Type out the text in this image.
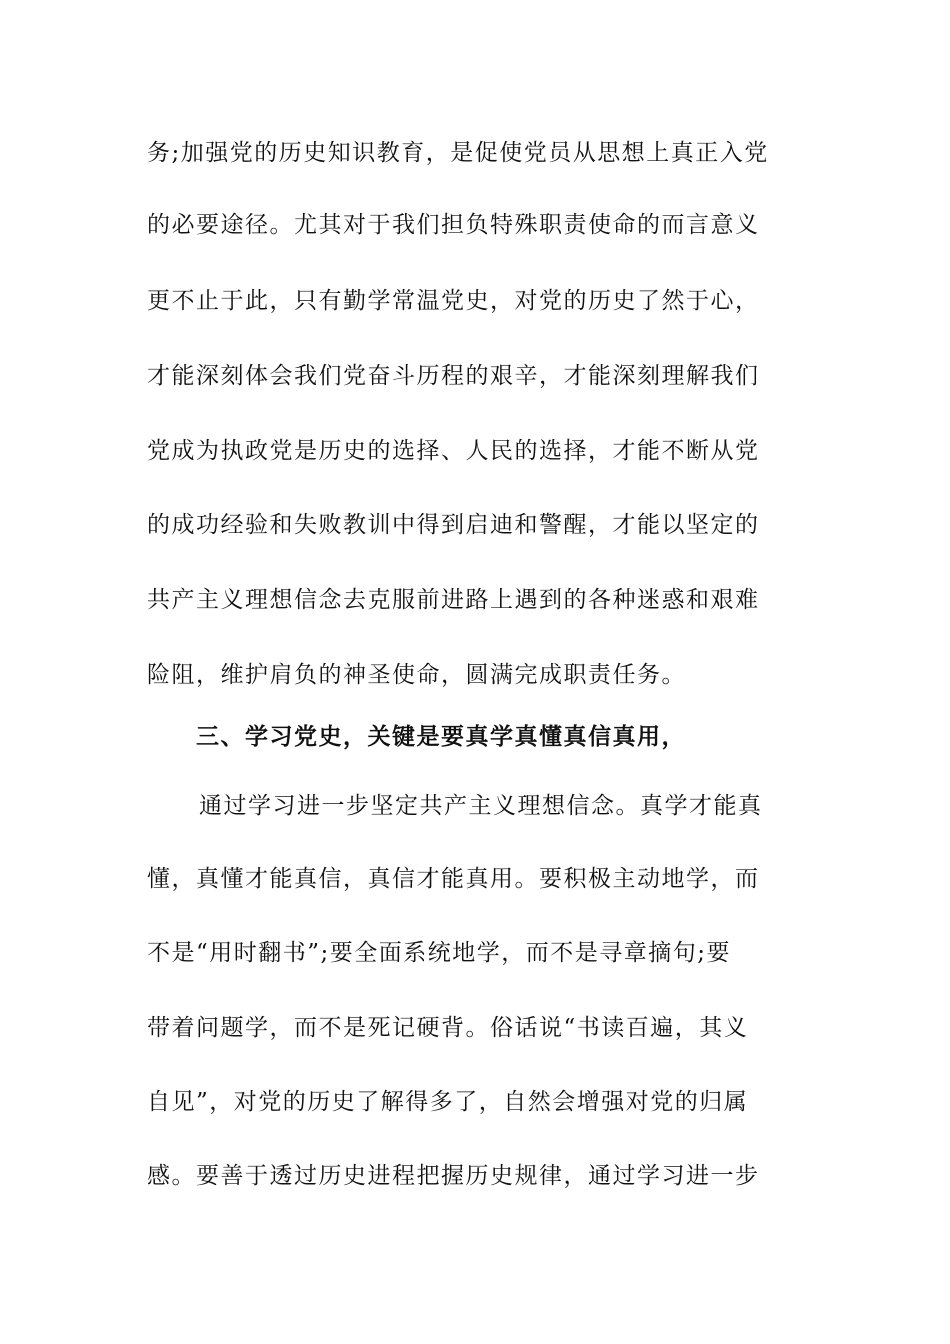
务;加强党的历史知识教育，是促使党员从思想上真正入党
的必要途径。尤其对于我们担负特殊职责使命的而言意义
更不止于此，只有勤学常温党史，对党的历史了然于心，
才能深刻体会我们党奋斗历程的艰辛，才能深刻理解我们
党成为执政党是历史的选择、人民的选择，才能不断从党
的成功经验和失败教训中得到启迪和警醒，才能以坚定的
共产主义理想信念去克服前进路上遇到的各种迷惑和艰难
险阻，维护肩负的神圣使命，圆满完成职责任务。
三、学习党史，关键是要真学真懂真信真用，
通过学习进一步坚定共产主义理想信念。真学才能真
懂，真懂才能真信，真信才能真用。要积极主动地学，而
不是“用时翻书”;要全面系统地学，而不是寻章摘句;要
带着问题学，而不是死记硬背。俗话说“书读百遍，其义
自见”，对党的历史了解得多了，自然会增强对党的归属
感。要善于透过历史进程把握历史规律，通过学习进一步
